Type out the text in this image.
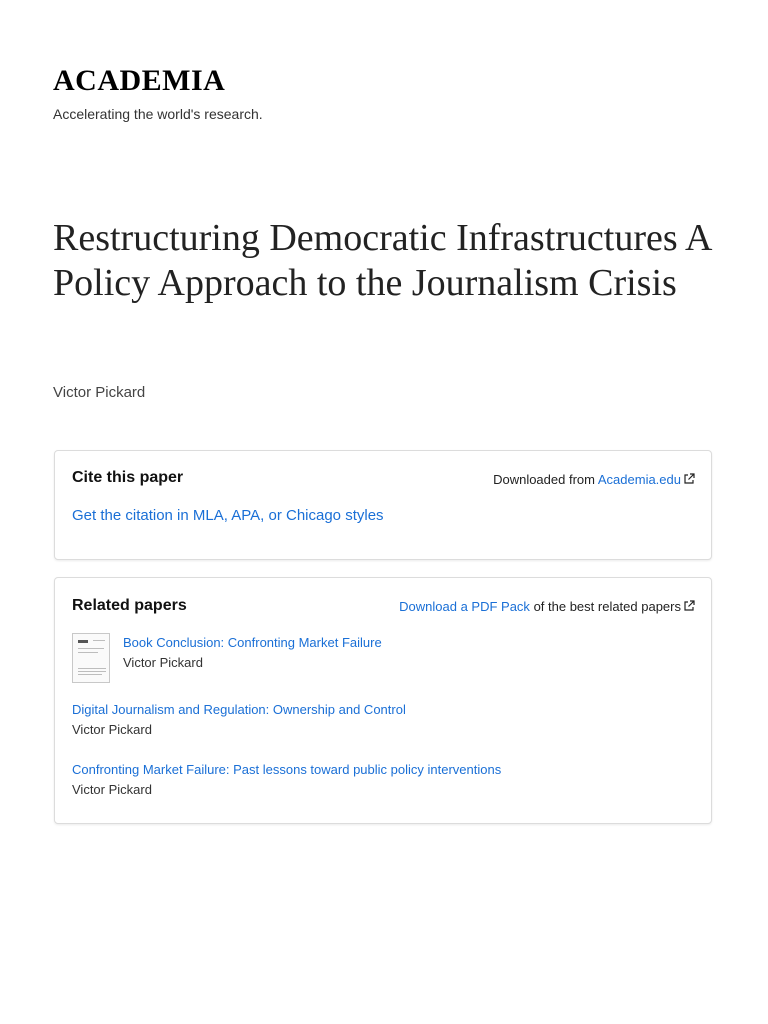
ACADEMIA
Accelerating the world's research.
Restructuring Democratic Infrastructures A Policy Approach to the Journalism Crisis
Victor Pickard
Cite this paper	Downloaded from Academia.edu
Get the citation in MLA, APA, or Chicago styles
Related papers	Download a PDF Pack of the best related papers
Book Conclusion: Confronting Market Failure
Victor Pickard
Digital Journalism and Regulation: Ownership and Control
Victor Pickard
Confronting Market Failure: Past lessons toward public policy interventions
Victor Pickard
